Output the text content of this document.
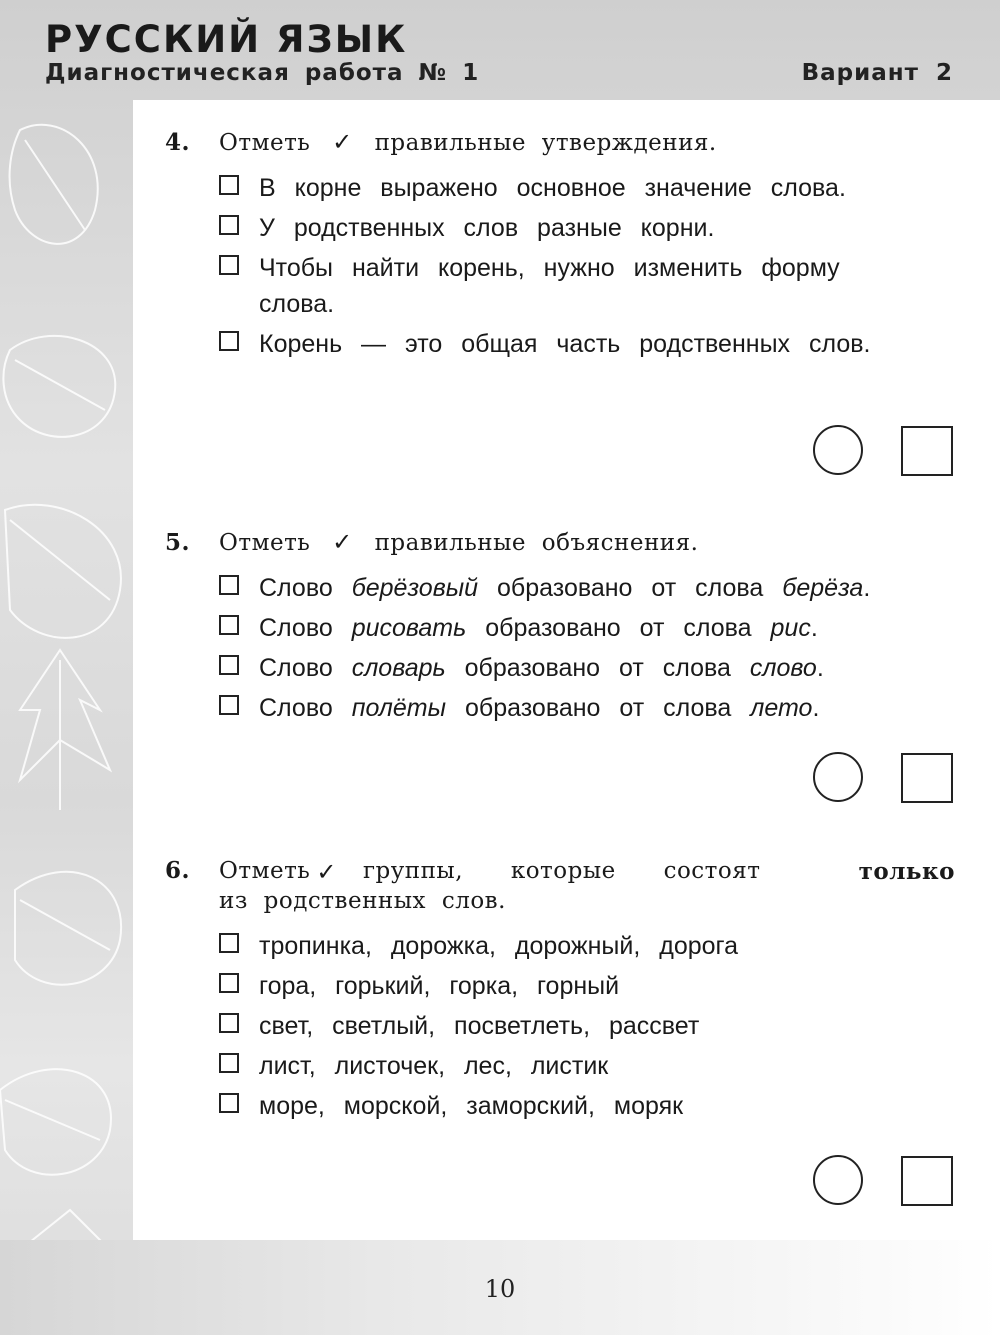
РУССКИЙ ЯЗЫК
Диагностическая работа № 1	Вариант 2
4.	Отметь ✓ правильные утверждения.
В корне выражено основное значение слова.
У родственных слов разные корни.
Чтобы найти корень, нужно изменить форму слова.
Корень — это общая часть родственных слов.
5.	Отметь ✓ правильные объяснения.
Слово берёзовый образовано от слова берёза.
Слово рисовать образовано от слова рис.
Слово словарь образовано от слова слово.
Слово полёты образовано от слова лето.
6.	Отметь ✓ группы, которые состоят	только
из родственных слов.
тропинка, дорожка, дорожный, дорога
гора, горький, горка, горный
свет, светлый, посветлеть, рассвет
лист, листочек, лес, листик
море, морской, заморский, моряк
10
